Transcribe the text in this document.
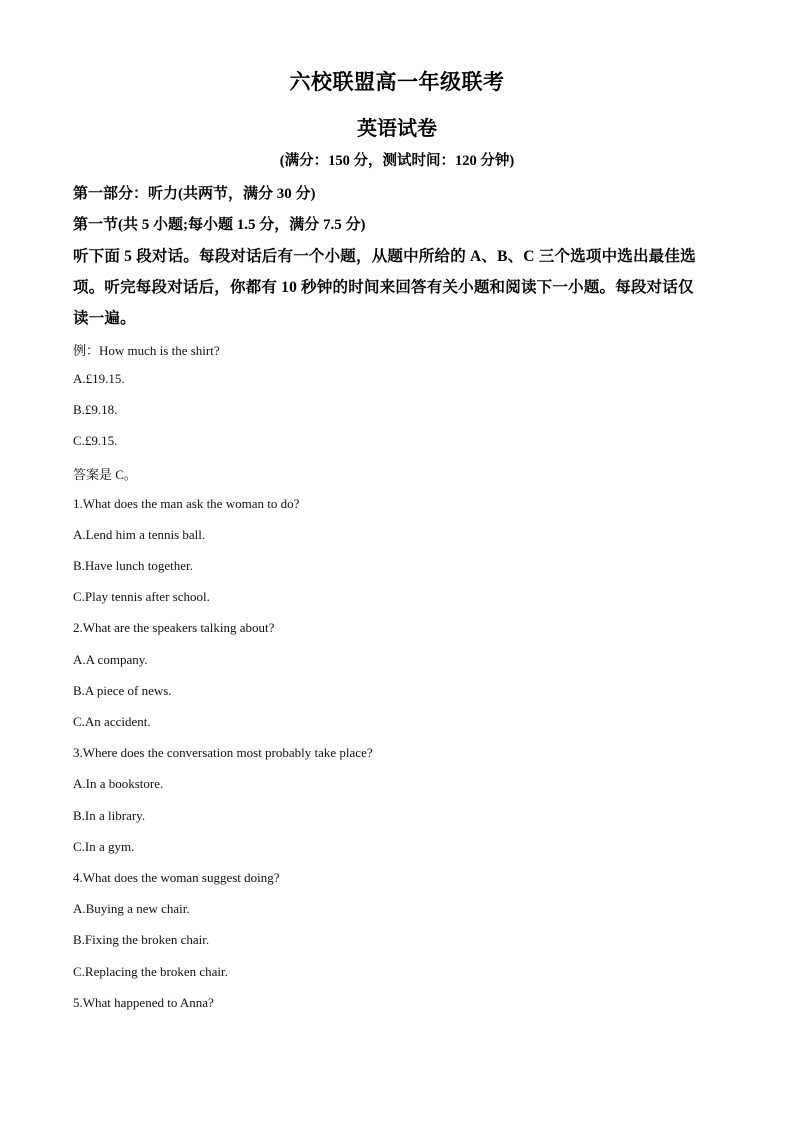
六校联盟高一年级联考
英语试卷
(满分：150 分，测试时间：120 分钟)
第一部分：听力(共两节，满分 30 分)
第一节(共 5 小题;每小题 1.5 分，满分 7.5 分)
听下面 5 段对话。每段对话后有一个小题，从题中所给的 A、B、C 三个选项中选出最佳选
项。听完每段对话后，你都有 10 秒钟的时间来回答有关小题和阅读下一小题。每段对话仅
读一遍。
例：How much is the shirt?
A.£19.15.
B.£9.18.
C.£9.15.
答案是 C。
1.What does the man ask the woman to do?
A.Lend him a tennis ball.
B.Have lunch together.
C.Play tennis after school.
2.What are the speakers talking about?
A.A company.
B.A piece of news.
C.An accident.
3.Where does the conversation most probably take place?
A.In a bookstore.
B.In a library.
C.In a gym.
4.What does the woman suggest doing?
A.Buying a new chair.
B.Fixing the broken chair.
C.Replacing the broken chair.
5.What happened to Anna?
